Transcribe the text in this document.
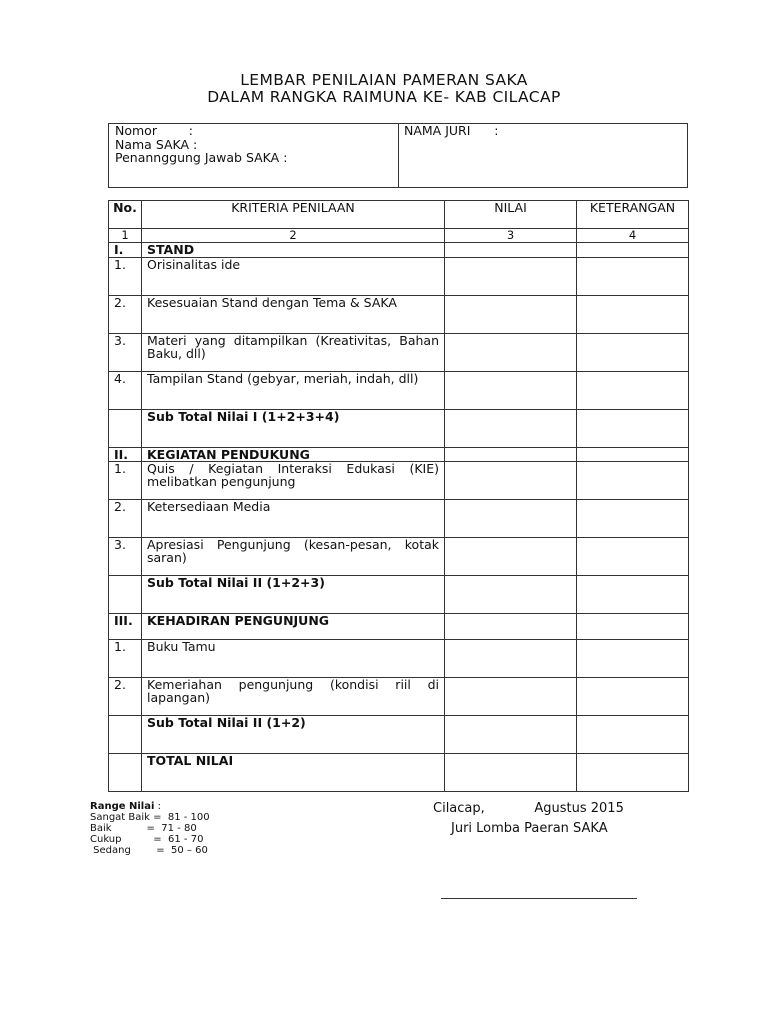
LEMBAR PENILAIAN PAMERAN SAKA
DALAM RANGKA RAIMUNA KE- KAB CILACAP
Nomor        :
Nama SAKA :
Penannggung Jawab SAKA :
NAMA JURI      :
No.	KRITERIA PENILAAN	NILAI	KETERANGAN
1	2	3	4
I.	STAND		
1.	Orisinalitas ide		
2.	Kesesuaian Stand dengan Tema & SAKA		
3.	Materi yang ditampilkan (Kreativitas, Bahan Baku, dll)		
4.	Tampilan Stand (gebyar, meriah, indah, dll)		
	Sub Total Nilai I (1+2+3+4)		
II.	KEGIATAN PENDUKUNG		
1.	Quis / Kegiatan Interaksi Edukasi (KIE) melibatkan pengunjung		
2.	Ketersediaan Media		
3.	Apresiasi Pengunjung (kesan-pesan, kotak saran)		
	Sub Total Nilai II (1+2+3)		
III.	KEHADIRAN PENGUNJUNG		
1.	Buku Tamu		
2.	Kemeriahan pengunjung (kondisi riil di lapangan)		
	Sub Total Nilai II (1+2)		
	TOTAL NILAI		
Range Nilai :
Sangat Baik =  81 - 100
Baik           =  71 - 80
Cukup          =  61 - 70
Sedang        =  50 – 60
Cilacap,            Agustus 2015
Juri Lomba Paeran SAKA
